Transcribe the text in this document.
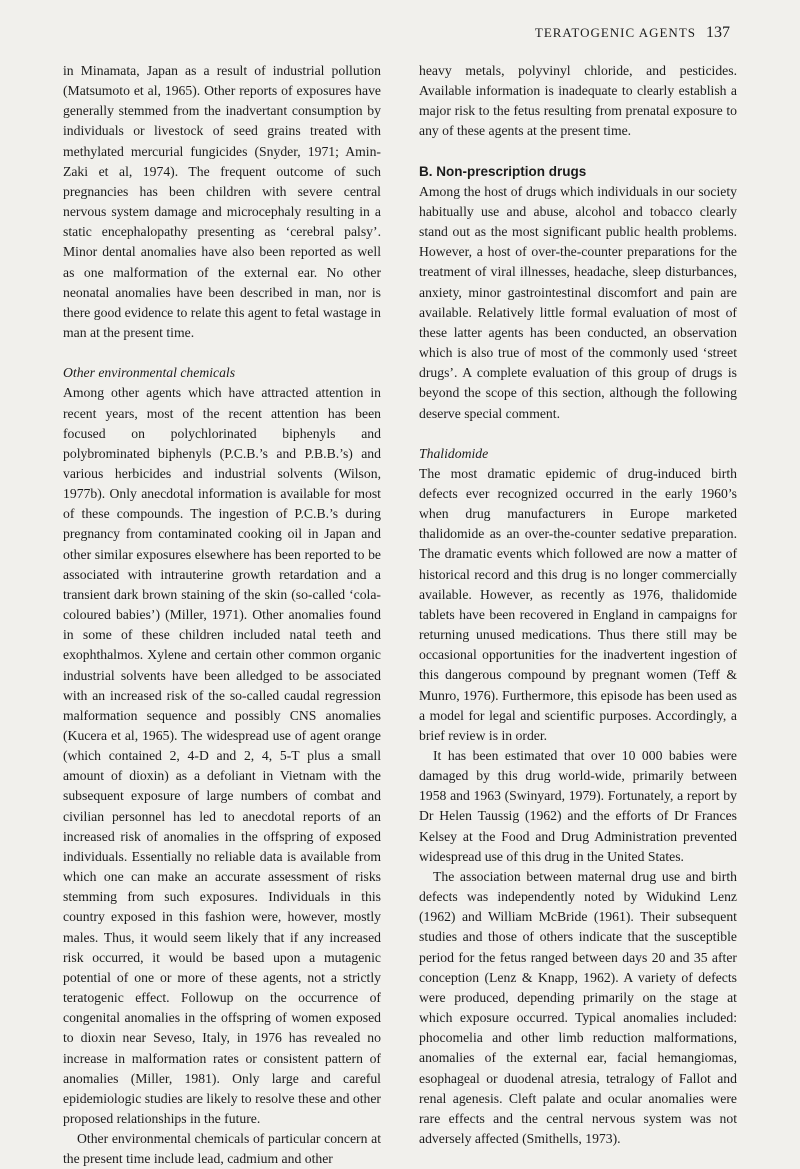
TERATOGENIC AGENTS 137

in Minamata, Japan as a result of industrial pollution (Matsumoto et al, 1965). Other reports of exposures have generally stemmed from the inadvertant consumption by individuals or livestock of seed grains treated with methylated mercurial fungicides (Snyder, 1971; Amin-Zaki et al, 1974). The frequent outcome of such pregnancies has been children with severe central nervous system damage and microcephaly resulting in a static encephalopathy presenting as ‘cerebral palsy’. Minor dental anomalies have also been reported as well as one malformation of the external ear. No other neonatal anomalies have been described in man, nor is there good evidence to relate this agent to fetal wastage in man at the present time.

Other environmental chemicals

Among other agents which have attracted attention in recent years, most of the recent attention has been focused on polychlorinated biphenyls and polybrominated biphenyls (P.C.B.’s and P.B.B.’s) and various herbicides and industrial solvents (Wilson, 1977b). Only anecdotal information is available for most of these compounds. The ingestion of P.C.B.’s during pregnancy from contaminated cooking oil in Japan and other similar exposures elsewhere has been reported to be associated with intrauterine growth retardation and a transient dark brown staining of the skin (so-called ‘cola-coloured babies’) (Miller, 1971). Other anomalies found in some of these children included natal teeth and exophthalmos. Xylene and certain other common organic industrial solvents have been alledged to be associated with an increased risk of the so-called caudal regression malformation sequence and possibly CNS anomalies (Kucera et al, 1965). The widespread use of agent orange (which contained 2, 4-D and 2, 4, 5-T plus a small amount of dioxin) as a defoliant in Vietnam with the subsequent exposure of large numbers of combat and civilian personnel has led to anecdotal reports of an increased risk of anomalies in the offspring of exposed individuals. Essentially no reliable data is available from which one can make an accurate assessment of risks stemming from such exposures. Individuals in this country exposed in this fashion were, however, mostly males. Thus, it would seem likely that if any increased risk occurred, it would be based upon a mutagenic potential of one or more of these agents, not a strictly teratogenic effect. Followup on the occurrence of congenital anomalies in the offspring of women exposed to dioxin near Seveso, Italy, in 1976 has revealed no increase in malformation rates or consistent pattern of anomalies (Miller, 1981). Only large and careful epidemiologic studies are likely to resolve these and other proposed relationships in the future.

Other environmental chemicals of particular concern at the present time include lead, cadmium and other

heavy metals, polyvinyl chloride, and pesticides. Available information is inadequate to clearly establish a major risk to the fetus resulting from prenatal exposure to any of these agents at the present time.

B. Non-prescription drugs

Among the host of drugs which individuals in our society habitually use and abuse, alcohol and tobacco clearly stand out as the most significant public health problems. However, a host of over-the-counter preparations for the treatment of viral illnesses, headache, sleep disturbances, anxiety, minor gastrointestinal discomfort and pain are available. Relatively little formal evaluation of most of these latter agents has been conducted, an observation which is also true of most of the commonly used ‘street drugs’. A complete evaluation of this group of drugs is beyond the scope of this section, although the following deserve special comment.

Thalidomide

The most dramatic epidemic of drug-induced birth defects ever recognized occurred in the early 1960’s when drug manufacturers in Europe marketed thalidomide as an over-the-counter sedative preparation. The dramatic events which followed are now a matter of historical record and this drug is no longer commercially available. However, as recently as 1976, thalidomide tablets have been recovered in England in campaigns for returning unused medications. Thus there still may be occasional opportunities for the inadvertent ingestion of this dangerous compound by pregnant women (Teff & Munro, 1976). Furthermore, this episode has been used as a model for legal and scientific purposes. Accordingly, a brief review is in order.

It has been estimated that over 10 000 babies were damaged by this drug world-wide, primarily between 1958 and 1963 (Swinyard, 1979). Fortunately, a report by Dr Helen Taussig (1962) and the efforts of Dr Frances Kelsey at the Food and Drug Administration prevented widespread use of this drug in the United States.

The association between maternal drug use and birth defects was independently noted by Widukind Lenz (1962) and William McBride (1961). Their subsequent studies and those of others indicate that the susceptible period for the fetus ranged between days 20 and 35 after conception (Lenz & Knapp, 1962). A variety of defects were produced, depending primarily on the stage at which exposure occurred. Typical anomalies included: phocomelia and other limb reduction malformations, anomalies of the external ear, facial hemangiomas, esophageal or duodenal atresia, tetralogy of Fallot and renal agenesis. Cleft palate and ocular anomalies were rare effects and the central nervous system was not adversely affected (Smithells, 1973).
